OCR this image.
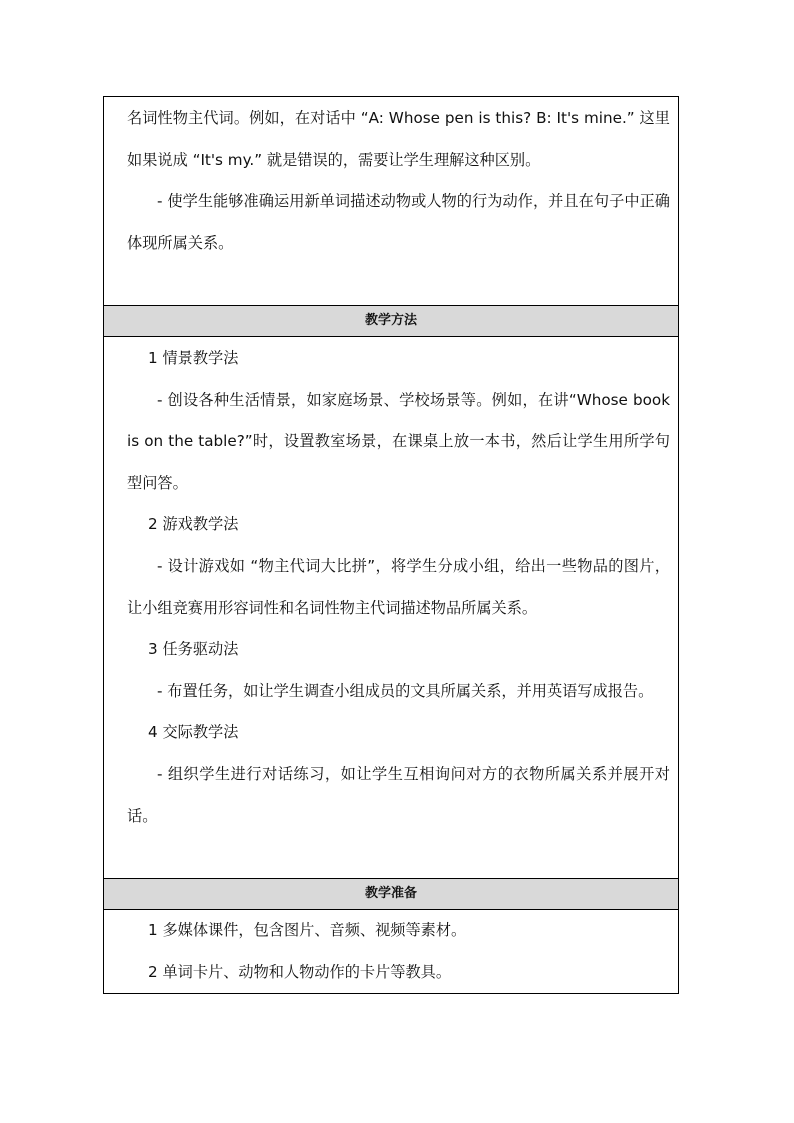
名词性物主代词。例如，在对话中 “A: Whose pen is this? B: It's mine.” 这里如果说成 “It's my.” 就是错误的，需要让学生理解这种区别。

- 使学生能够准确运用新单词描述动物或人物的行为动作，并且在句子中正确体现所属关系。

教学方法

1 情景教学法

- 创设各种生活情景，如家庭场景、学校场景等。例如，在讲“Whose book is on the table?”时，设置教室场景，在课桌上放一本书，然后让学生用所学句型问答。

2 游戏教学法

- 设计游戏如 “物主代词大比拼”，将学生分成小组，给出一些物品的图片，让小组竞赛用形容词性和名词性物主代词描述物品所属关系。

3 任务驱动法

- 布置任务，如让学生调查小组成员的文具所属关系，并用英语写成报告。

4 交际教学法

- 组织学生进行对话练习，如让学生互相询问对方的衣物所属关系并展开对话。

教学准备

1 多媒体课件，包含图片、音频、视频等素材。

2 单词卡片、动物和人物动作的卡片等教具。
